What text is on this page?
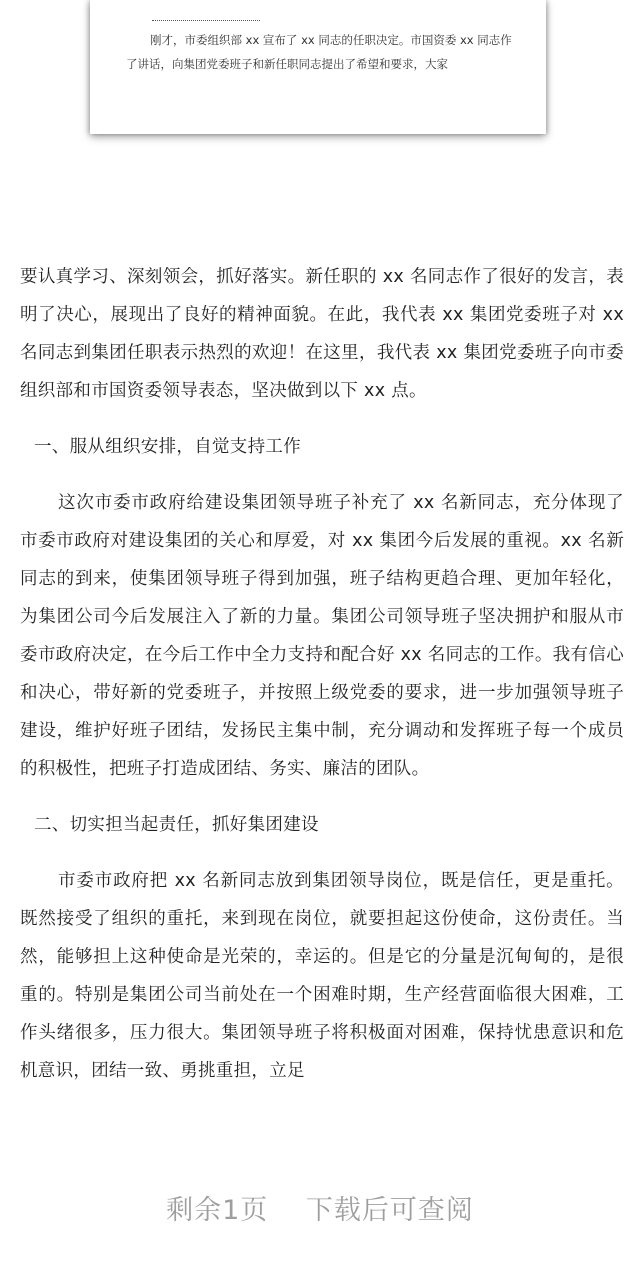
刚才，市委组织部 xx 宣布了 xx 同志的任职决定。市国资委 xx 同志作了讲话，向集团党委班子和新任职同志提出了希望和要求，大家

要认真学习、深刻领会，抓好落实。新任职的 xx 名同志作了很好的发言，表明了决心，展现出了良好的精神面貌。在此，我代表 xx 集团党委班子对 xx 名同志到集团任职表示热烈的欢迎！在这里，我代表 xx 集团党委班子向市委组织部和市国资委领导表态，坚决做到以下 xx 点。

一、服从组织安排，自觉支持工作

这次市委市政府给建设集团领导班子补充了 xx 名新同志，充分体现了市委市政府对建设集团的关心和厚爱，对 xx 集团今后发展的重视。xx 名新同志的到来，使集团领导班子得到加强，班子结构更趋合理、更加年轻化，为集团公司今后发展注入了新的力量。集团公司领导班子坚决拥护和服从市委市政府决定，在今后工作中全力支持和配合好 xx 名同志的工作。我有信心和决心，带好新的党委班子，并按照上级党委的要求，进一步加强领导班子建设，维护好班子团结，发扬民主集中制，充分调动和发挥班子每一个成员的积极性，把班子打造成团结、务实、廉洁的团队。

二、切实担当起责任，抓好集团建设

市委市政府把 xx 名新同志放到集团领导岗位，既是信任，更是重托。既然接受了组织的重托，来到现在岗位，就要担起这份使命，这份责任。当然，能够担上这种使命是光荣的，幸运的。但是它的分量是沉甸甸的，是很重的。特别是集团公司当前处在一个困难时期，生产经营面临很大困难，工作头绪很多，压力很大。集团领导班子将积极面对困难，保持忧患意识和危机意识，团结一致、勇挑重担，立足

剩余1页 下载后可查阅
